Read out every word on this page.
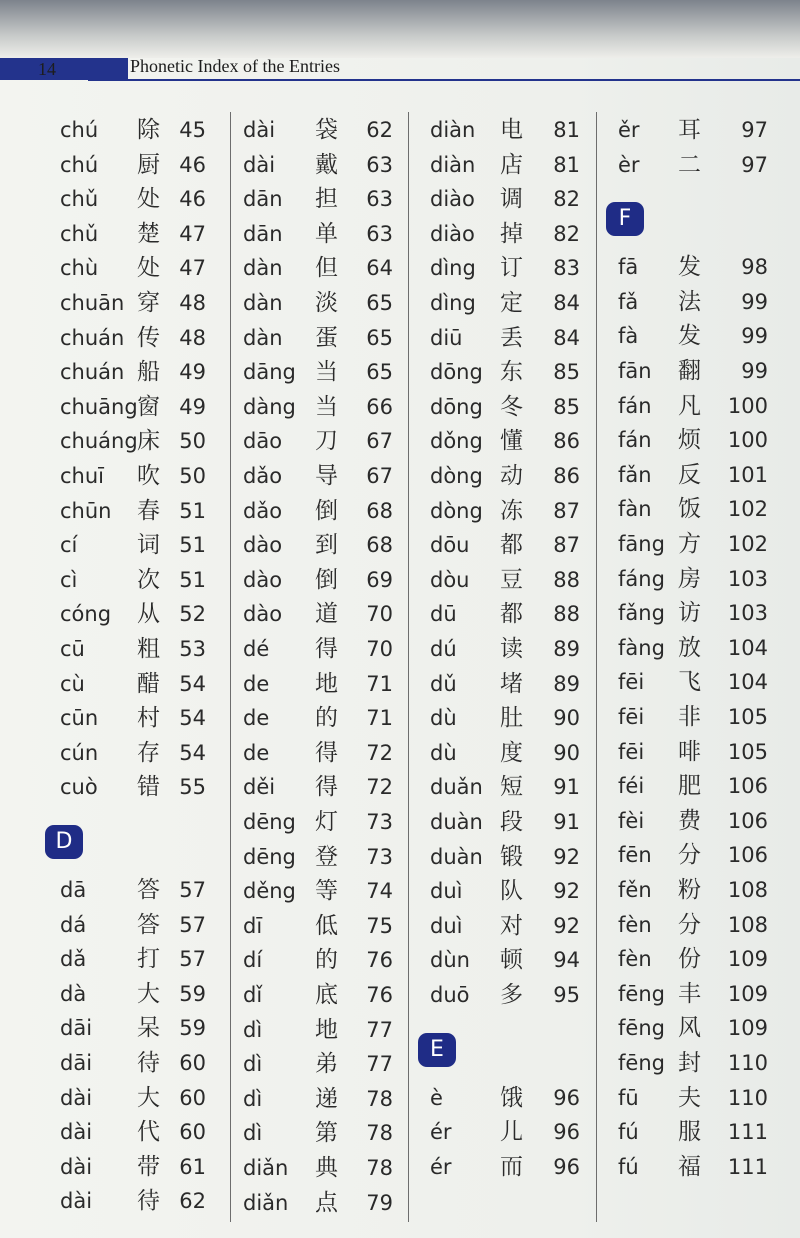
14	Phonetic Index of the Entries
chú 除 45
chú 厨 46
chǔ 处 46
chǔ 楚 47
chù 处 47
chuān 穿 48
chuán 传 48
chuán 船 49
chuāng 窗 49
chuáng 床 50
chuī 吹 50
chūn 春 51
cí	词 51
cì	次 51
cóng 从 52
cū 粗 53
cù 醋 54
cūn 村 54
cún 存 54
cuò 错 55
D
dā 答 57
dá 答 57
dǎ 打 57
dà 大 59
dāi 呆 59
dāi 待 60
dài 大 60
dài 代 60
dài 带 61
dài 待 62
dài 袋	62
dài 戴	63
dān 担	63
dān 单	63
dàn 但	64
dàn 淡	65
dàn 蛋	65
dāng 当	65
dàng 当	66
dāo 刀	67
dǎo 导	67
dǎo 倒	68
dào 到	68
dào 倒	69
dào 道	70
dé 得	70
de 地	71
de 的	71
de 得	72
děi 得	72
dēng 灯	73
dēng 登	73
děng 等	74
dī 低	75
dí 的	76
dǐ 底	76
dì 地	77
dì 弟	77
dì 递	78
dì 第	78
diǎn 典	78
diǎn 点	79
diàn 电	81
diàn 店	81
diào 调	82
diào 掉	82
dìng 订	83
dìng 定	84
diū 丢	84
dōng 东	85
dōng 冬	85
dǒng 懂	86
dòng 动	86
dòng 冻	87
dōu 都	87
dòu 豆	88
dū 都	88
dú 读	89
dǔ 堵	89
dù 肚	90
dù 度	90
duǎn 短	91
duàn 段	91
duàn 锻	92
duì 队	92
duì 对	92
dùn 顿	94
duō 多	95
E
è 饿	96
ér 儿	96
ér 而	96
ěr 耳	97
èr 二	97
F
fā 发	98
fǎ 法	99
fà 发	99
fān 翻	99
fán 凡 100
fán 烦 100
fǎn 反 101
fàn 饭 102
fāng 方 102
fáng 房 103
fǎng 访 103
fàng 放 104
fēi 飞 104
fēi 非 105
fēi 啡 105
féi 肥 106
fèi 费 106
fēn 分 106
fěn 粉 108
fèn 分 108
fèn 份 109
fēng 丰 109
fēng 风 109
fēng 封 110
fū 夫 110
fú 服 111
fú 福 111
